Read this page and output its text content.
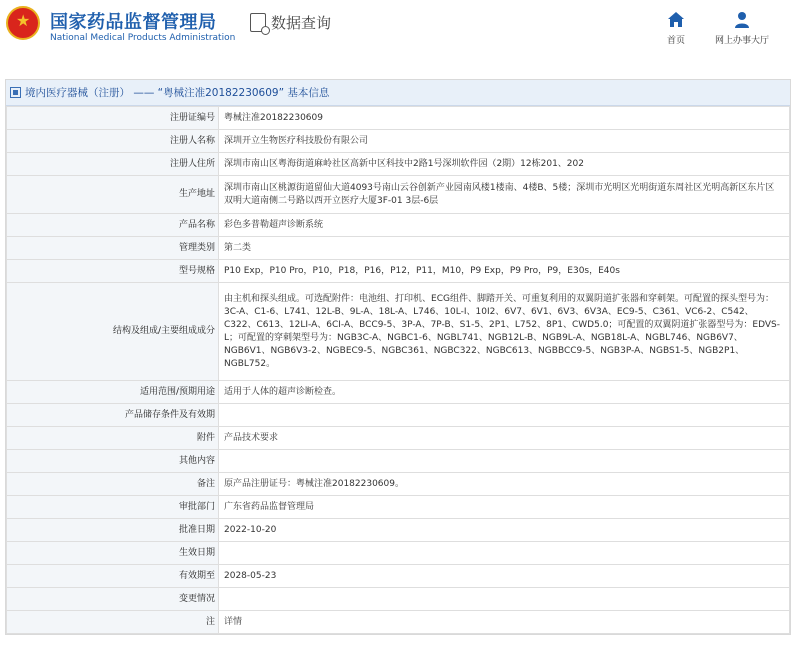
★
国家药品监督管理局
National Medical Products Administration
数据查询
首页	网上办事大厅
境内医疗器械（注册） —— “粤械注准20182230609” 基本信息
注册证编号	粤械注准20182230609
注册人名称	深圳开立生物医疗科技股份有限公司
注册人住所	深圳市南山区粤海街道麻岭社区高新中区科技中2路1号深圳软件园（2期）12栋201、202
生产地址	深圳市南山区桃源街道留仙大道4093号南山云谷创新产业园南风楼1楼南、4楼B、5楼；深圳市光明区光明街道东周社区光明高新区东片区双明大道南侧二号路以西开立医疗大厦3F-01 3层-6层
产品名称	彩色多普勒超声诊断系统
管理类别	第二类
型号规格	P10 Exp，P10 Pro，P10，P18，P16，P12，P11，M10，P9 Exp，P9 Pro，P9，E30s，E40s
结构及组成/主要组成成分	由主机和探头组成。可选配附件：电池组、打印机、ECG组件、脚踏开关、可重复利用的双翼阴道扩张器和穿刺架。可配置的探头型号为：3C-A、C1-6、L741、12L-B、9L-A、18L-A、L746、10L-I、10I2、6V7、6V1、6V3、6V3A、EC9-5、C361、VC6-2、C542、C322、C613、12LI-A、6CI-A、BCC9-5、3P-A、7P-B、S1-5、2P1、L752、8P1、CWD5.0；可配置的双翼阴道扩张器型号为：EDVS-L；可配置的穿刺架型号为：NGB3C-A、NGBC1-6、NGBL741、NGB12L-B、NGB9L-A、NGB18L-A、NGBL746、NGB6V7、NGB6V1、NGB6V3-2、NGBEC9-5、NGBC361、NGBC322、NGBC613、NGBBCC9-5、NGB3P-A、NGBS1-5、NGB2P1、NGBL752。
适用范围/预期用途	适用于人体的超声诊断检查。
产品储存条件及有效期	
附件	产品技术要求
其他内容	
备注	原产品注册证号：粤械注准20182230609。
审批部门	广东省药品监督管理局
批准日期	2022-10-20
生效日期	
有效期至	2028-05-23
变更情况	
注	详情
